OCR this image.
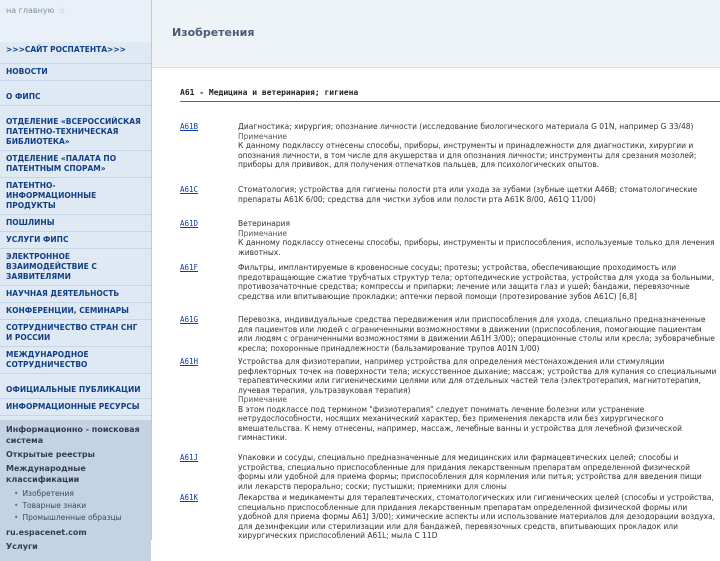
на главную ☆
>>>САЙТ РОСПАТЕНТА>>>
НОВОСТИ
О ФИПС
ОТДЕЛЕНИЕ «ВСЕРОССИЙСКАЯ ПАТЕНТНО-ТЕХНИЧЕСКАЯ БИБЛИОТЕКА»
ОТДЕЛЕНИЕ «ПАЛАТА ПО ПАТЕНТНЫМ СПОРАМ»
ПАТЕНТНО-ИНФОРМАЦИОННЫЕ ПРОДУКТЫ
ПОШЛИНЫ
УСЛУГИ ФИПС
ЭЛЕКТРОННОЕ ВЗАИМОДЕЙСТВИЕ С ЗАЯВИТЕЛЯМИ
НАУЧНАЯ ДЕЯТЕЛЬНОСТЬ
КОНФЕРЕНЦИИ, СЕМИНАРЫ
СОТРУДНИЧЕСТВО СТРАН СНГ И РОССИИ
МЕЖДУНАРОДНОЕ СОТРУДНИЧЕСТВО
ОФИЦИАЛЬНЫЕ ПУБЛИКАЦИИ
ИНФОРМАЦИОННЫЕ РЕСУРСЫ
Информационно - поисковая система
Открытые реестры
Международные классификации
• Изобретения
• Товарные знаки
• Промышленные образцы
ru.espacenet.com
Услуги
Изобретения
A61 - Медицина и ветеринария; гигиена
A61B	Диагностика; хирургия; опознание личности (исследование биологического материала G 01N, например G 33/48)

Примечание
К данному подклассу отнесены способы, приборы, инструменты и принадлежности для диагностики, хирургии и опознания личности, в том числе для акушерства и для опознания личности; инструменты для срезания мозолей; приборы для прививок, для получения отпечатков пальцев, для психологических опытов.
A61C	Стоматология; устройства для гигиены полости рта или ухода за зубами (зубные щетки A46B; стоматологические препараты A61K 6/00; средства для чистки зубов или полости рта A61K 8/00, A61Q 11/00)
A61D	Ветеринария

Примечание
К данному подклассу отнесены способы, приборы, инструменты и приспособления, используемые только для лечения животных.
A61F	Фильтры, имплантируемые в кровеносные сосуды; протезы; устройства, обеспечивающие проходимость или предотвращающие сжатие трубчатых структур тела; ортопедические устройства, устройства для ухода за больными, противозачаточные средства; компрессы и припарки; лечение или защита глаз и ушей; бандажи, перевязочные средства или впитывающие прокладки; аптечки первой помощи (протезирование зубов A61C) [6,8]
A61G	Перевозка, индивидуальные средства передвижения или приспособления для ухода, специально предназначенные для пациентов или людей с ограниченными возможностями в движении (приспособления, помогающие пациентам или людям с ограниченными возможностями в движении A61H 3/00); операционные столы или кресла; зубоврачебные кресла; похоронные принадлежности (бальзамирование трупов A01N 1/00)
A61H	Устройства для физиотерапии, например устройства для определения местонахождения или стимуляции рефлекторных точек на поверхности тела; искусственное дыхание; массаж; устройства для купания со специальными терапевтическими или гигиеническими целями или для отдельных частей тела (электротерапия, магнитотерапия, лучевая терапия, ультразвуковая терапия)

Примечание
В этом подклассе под термином "физиотерапия" следует понимать лечение болезни или устранение нетрудоспособности, носящих механический характер, без применения лекарств или без хирургического вмешательства. К нему отнесены, например, массаж, лечебные ванны и устройства для лечебной физической гимнастики.
A61J	Упаковки и сосуды, специально предназначенные для медицинских или фармацевтических целей; способы и устройства, специально приспособленные для придания лекарственным препаратам определенной физической формы или удобной для приема формы; приспособления для кормления или питья; устройства для введения пищи или лекарств перорально; соски; пустышки; приемники для слюны
A61K	Лекарства и медикаменты для терапевтических, стоматологических или гигиенических целей (способы и устройства, специально приспособленные для придания лекарственным препаратам определенной физической формы или удобной для приема формы A61J 3/00); химические аспекты или использование материалов для дезодорации воздуха, для дезинфекции или стерилизации или для бандажей, перевязочных средств, впитывающих прокладок или хирургических приспособлений A61L; мыла C 11D
